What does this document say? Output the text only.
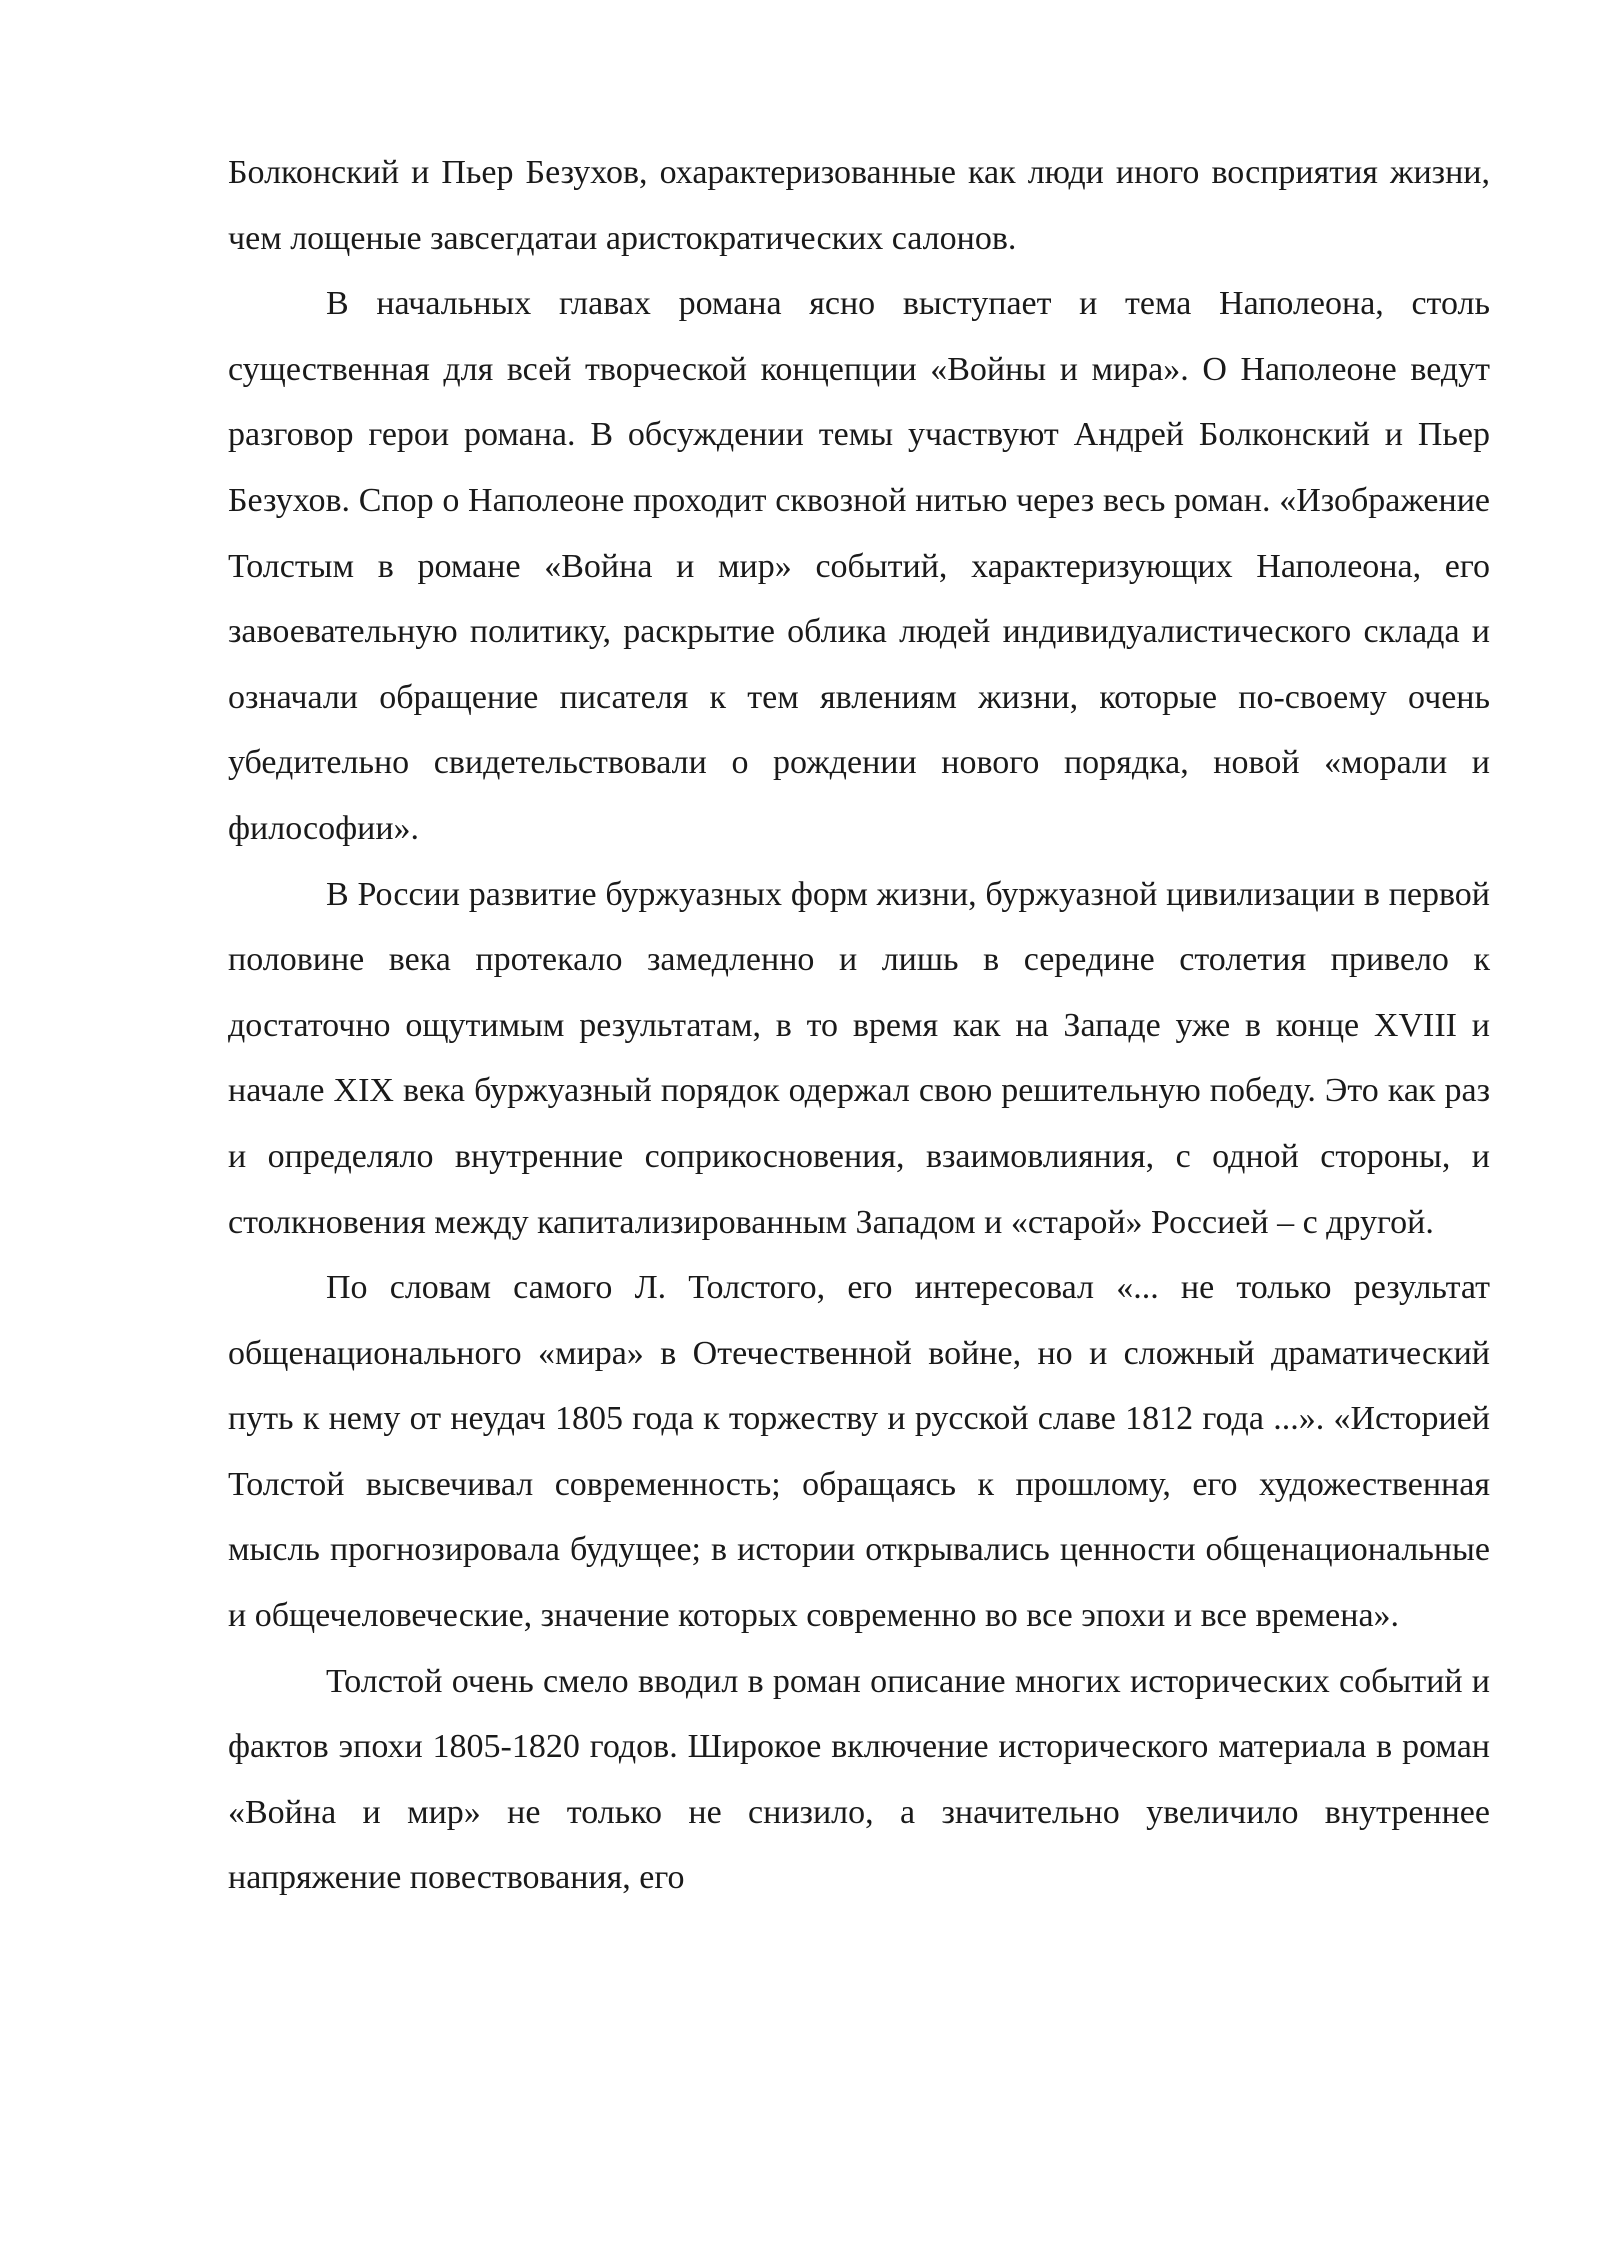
Болконский и Пьер Безухов, охарактеризованные как люди иного восприятия жизни, чем лощеные завсегдатаи аристократических салонов.

В начальных главах романа ясно выступает и тема Наполеона, столь существенная для всей творческой концепции «Войны и мира». О Наполеоне ведут разговор герои романа. В обсуждении темы участвуют Андрей Болконский и Пьер Безухов. Спор о Наполеоне проходит сквозной нитью через весь роман. «Изображение Толстым в романе «Война и мир» событий, характеризующих Наполеона, его завоевательную политику, раскрытие облика людей индивидуалистического склада и означали обращение писателя к тем явлениям жизни, которые по-своему очень убедительно свидетельствовали о рождении нового порядка, новой «морали и философии».

В России развитие буржуазных форм жизни, буржуазной цивилизации в первой половине века протекало замедленно и лишь в середине столетия привело к достаточно ощутимым результатам, в то время как на Западе уже в конце XVIII и начале XIX века буржуазный порядок одержал свою решительную победу. Это как раз и определяло внутренние соприкосновения, взаимовлияния, с одной стороны, и столкновения между капитализированным Западом и «старой» Россией – с другой.

По словам самого Л. Толстого, его интересовал «... не только результат общенационального «мира» в Отечественной войне, но и сложный драматический путь к нему от неудач 1805 года к торжеству и русской славе 1812 года ...». «Историей Толстой высвечивал современность; обращаясь к прошлому, его художественная мысль прогнозировала будущее; в истории открывались ценности общенациональные и общечеловеческие, значение которых современно во все эпохи и все времена».

Толстой очень смело вводил в роман описание многих исторических событий и фактов эпохи 1805-1820 годов. Широкое включение исторического материала в роман «Война и мир» не только не снизило, а значительно увеличило внутреннее напряжение повествования, его
